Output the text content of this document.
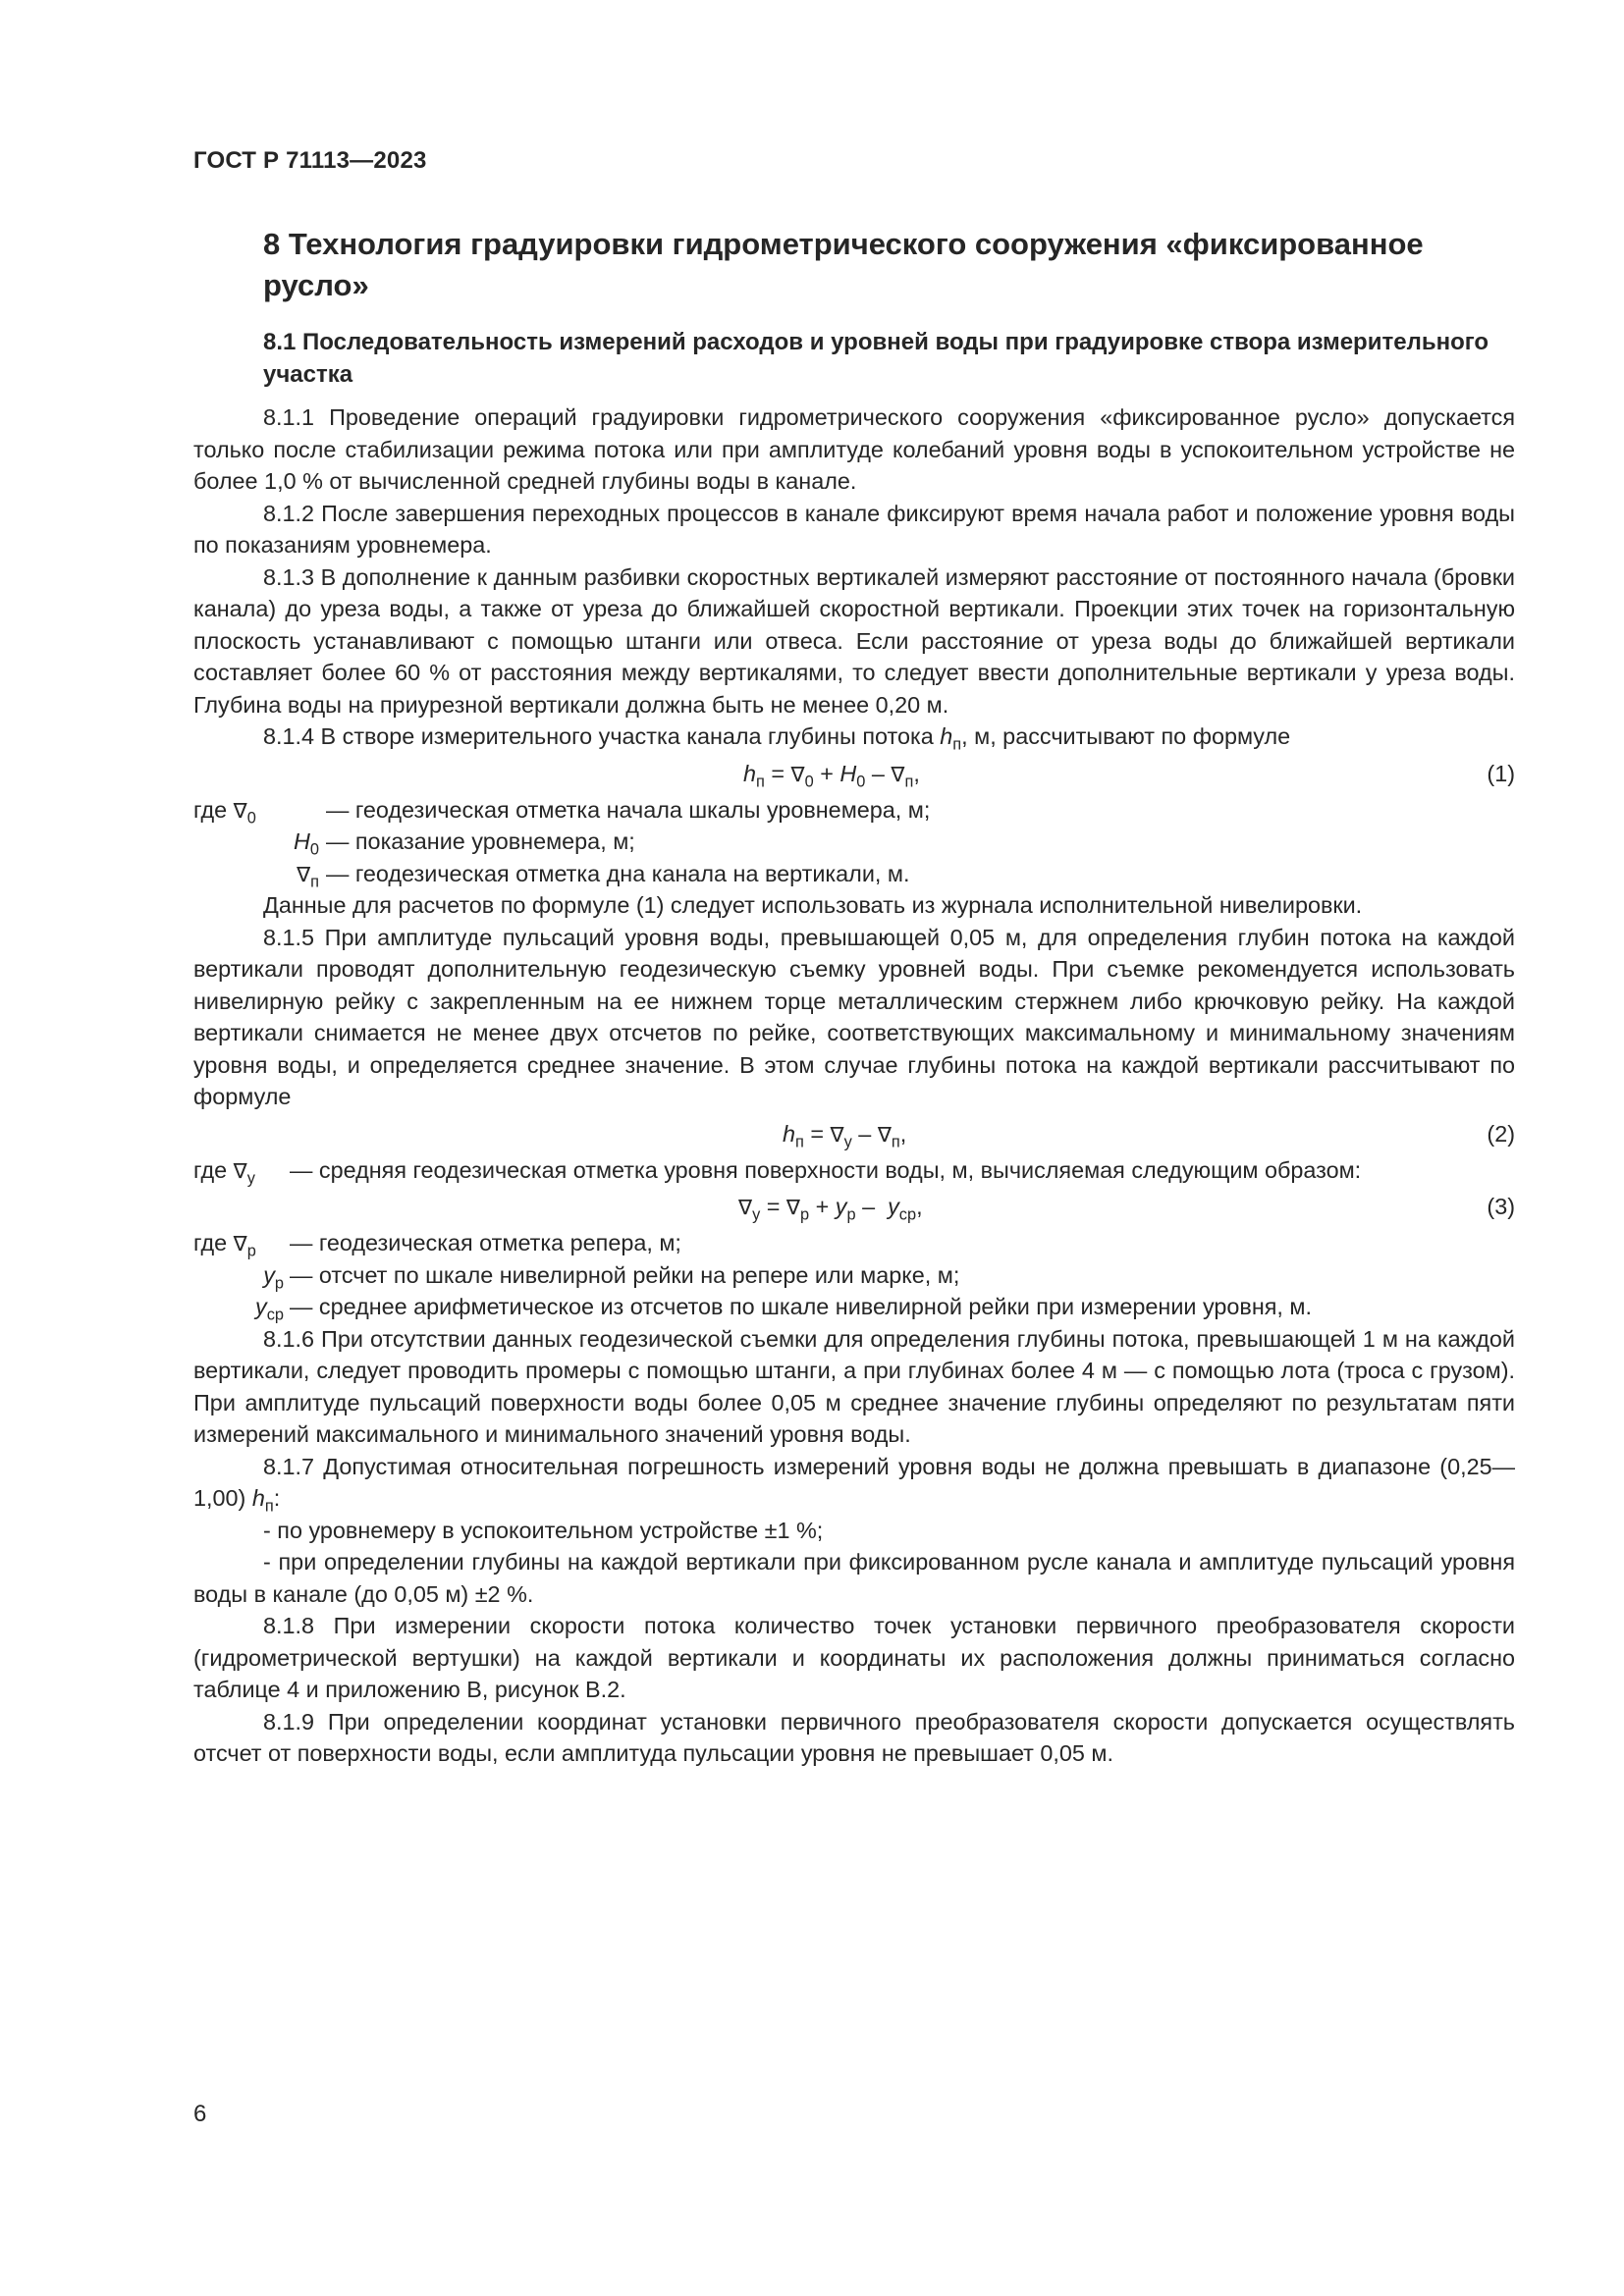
ГОСТ Р 71113—2023
8 Технология градуировки гидрометрического сооружения «фиксированное русло»
8.1 Последовательность измерений расходов и уровней воды при градуировке створа измерительного участка

8.1.1 Проведение операций градуировки гидрометрического сооружения «фиксированное русло» допускается только после стабилизации режима потока или при амплитуде колебаний уровня воды в успокоительном устройстве не более 1,0 % от вычисленной средней глубины воды в канале.

8.1.2 После завершения переходных процессов в канале фиксируют время начала работ и положение уровня воды по показаниям уровнемера.

8.1.3 В дополнение к данным разбивки скоростных вертикалей измеряют расстояние от постоянного начала (бровки канала) до уреза воды, а также от уреза до ближайшей скоростной вертикали. Проекции этих точек на горизонтальную плоскость устанавливают с помощью штанги или отвеса. Если расстояние от уреза воды до ближайшей вертикали составляет более 60 % от расстояния между вертикалями, то следует ввести дополнительные вертикали у уреза воды. Глубина воды на приурезной вертикали должна быть не менее 0,20 м.

8.1.4 В створе измерительного участка канала глубины потока $h_п$, м, рассчитывают по формуле

$h_п = \nabla_0 + H_0 - \nabla_п$,	(1)
где $\nabla_0$	— геодезическая отметка начала шкалы уровнемера, м;
$H_0$ — показание уровнемера, м;
$\nabla_п$ — геодезическая отметка дна канала на вертикали, м.

Данные для расчетов по формуле (1) следует использовать из журнала исполнительной нивелировки.

8.1.5 При амплитуде пульсаций уровня воды, превышающей 0,05 м, для определения глубин потока на каждой вертикали проводят дополнительную геодезическую съемку уровней воды. При съемке рекомендуется использовать нивелирную рейку с закрепленным на ее нижнем торце металлическим стержнем либо крючковую рейку. На каждой вертикали снимается не менее двух отсчетов по рейке, соответствующих максимальному и минимальному значениям уровня воды, и определяется среднее значение. В этом случае глубины потока на каждой вертикали рассчитывают по формуле

$h_п = \nabla_у - \nabla_п$,	(2)
где $\nabla_у$	— средняя геодезическая отметка уровня поверхности воды, м, вычисляемая следующим образом:
$\nabla_у = \nabla_р + у_р - у_{ср}$,	(3)
где $\nabla_р$	— геодезическая отметка репера, м;
$у_р$ — отсчет по шкале нивелирной рейки на репере или марке, м;
$у_{ср}$ — среднее арифметическое из отсчетов по шкале нивелирной рейки при измерении уровня, м.

8.1.6 При отсутствии данных геодезической съемки для определения глубины потока, превышающей 1 м на каждой вертикали, следует проводить промеры с помощью штанги, а при глубинах более 4 м — с помощью лота (троса с грузом). При амплитуде пульсаций поверхности воды более 0,05 м среднее значение глубины определяют по результатам пяти измерений максимального и минимального значений уровня воды.

8.1.7 Допустимая относительная погрешность измерений уровня воды не должна превышать в диапазоне (0,25—1,00) $h_п$:

- по уровнемеру в успокоительном устройстве ±1 %;

- при определении глубины на каждой вертикали при фиксированном русле канала и амплитуде пульсаций уровня воды в канале (до 0,05 м) ±2 %.

8.1.8 При измерении скорости потока количество точек установки первичного преобразователя скорости (гидрометрической вертушки) на каждой вертикали и координаты их расположения должны приниматься согласно таблице 4 и приложению В, рисунок В.2.

8.1.9 При определении координат установки первичного преобразователя скорости допускается осуществлять отсчет от поверхности воды, если амплитуда пульсации уровня не превышает 0,05 м.

6
